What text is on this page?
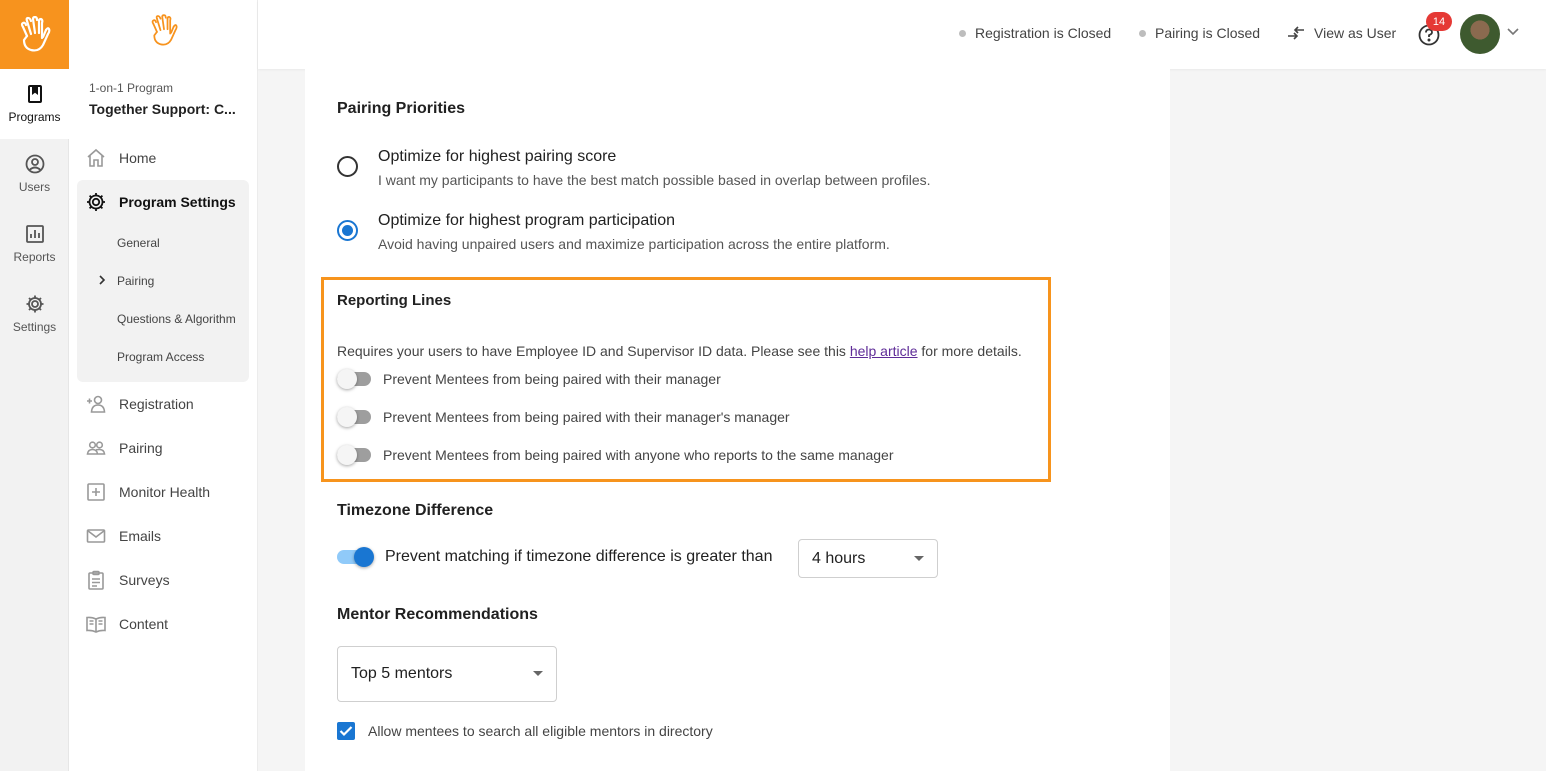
Programs
Users
Reports
Settings
1-on-1 Program
Together Support: C...
Home
Program Settings
General
Pairing
Questions & Algorithm
Program Access
Registration
Pairing
Monitor Health
Emails
Surveys
Content
Registration is Closed	Pairing is Closed	View as User
14
Pairing Priorities
Optimize for highest pairing score
I want my participants to have the best match possible based in overlap between profiles.
Optimize for highest program participation
Avoid having unpaired users and maximize participation across the entire platform.
Reporting Lines
Requires your users to have Employee ID and Supervisor ID data. Please see this help article for more details.
Prevent Mentees from being paired with their manager
Prevent Mentees from being paired with their manager's manager
Prevent Mentees from being paired with anyone who reports to the same manager
Timezone Difference
Prevent matching if timezone difference is greater than 4 hours
Mentor Recommendations
Top 5 mentors
Allow mentees to search all eligible mentors in directory
